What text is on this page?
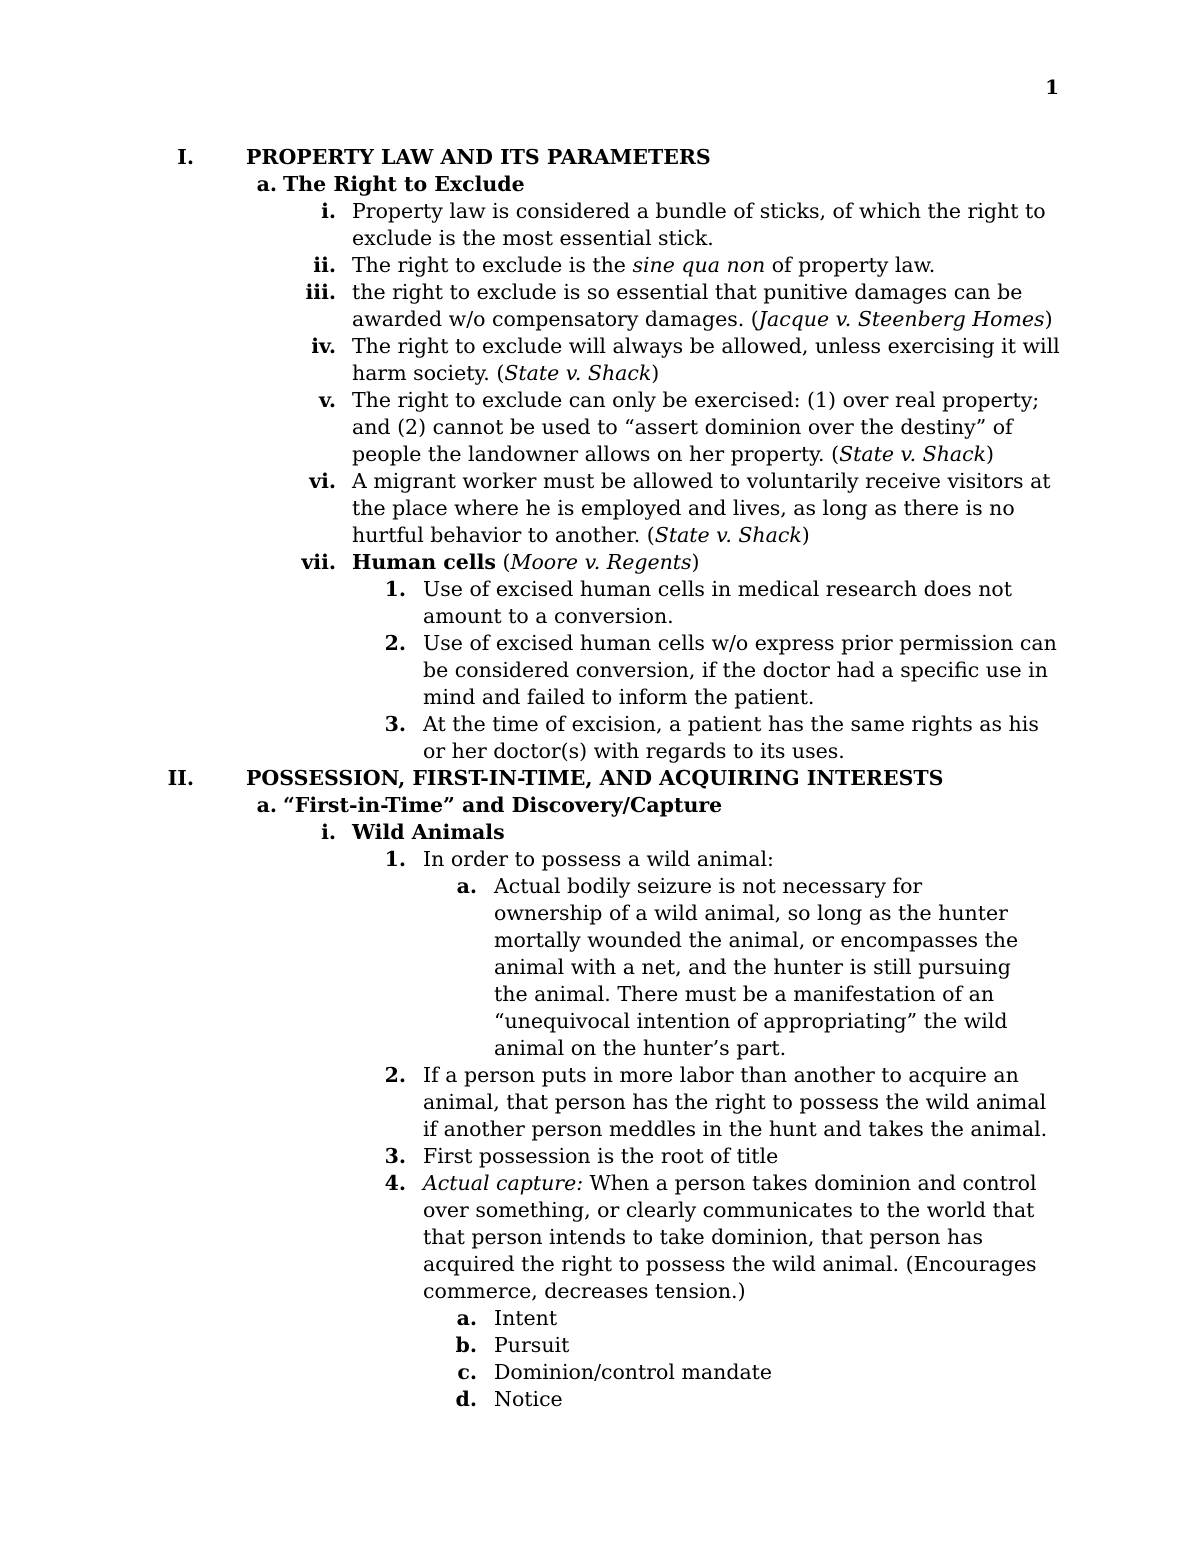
1
I.	PROPERTY LAW AND ITS PARAMETERS
a. The Right to Exclude
i. Property law is considered a bundle of sticks, of which the right to exclude is the most essential stick.
ii. The right to exclude is the sine qua non of property law.
iii. the right to exclude is so essential that punitive damages can be awarded w/o compensatory damages. (Jacque v. Steenberg Homes)
iv. The right to exclude will always be allowed, unless exercising it will harm society. (State v. Shack)
v. The right to exclude can only be exercised: (1) over real property; and (2) cannot be used to “assert dominion over the destiny” of people the landowner allows on her property. (State v. Shack)
vi. A migrant worker must be allowed to voluntarily receive visitors at the place where he is employed and lives, as long as there is no hurtful behavior to another. (State v. Shack)
vii. Human cells (Moore v. Regents)
1. Use of excised human cells in medical research does not amount to a conversion.
2. Use of excised human cells w/o express prior permission can be considered conversion, if the doctor had a specific use in mind and failed to inform the patient.
3. At the time of excision, a patient has the same rights as his or her doctor(s) with regards to its uses.
II.	POSSESSION, FIRST-IN-TIME, AND ACQUIRING INTERESTS
a. “First-in-Time” and Discovery/Capture
i. Wild Animals
1. In order to possess a wild animal:
a. Actual bodily seizure is not necessary for ownership of a wild animal, so long as the hunter mortally wounded the animal, or encompasses the animal with a net, and the hunter is still pursuing the animal. There must be a manifestation of an “unequivocal intention of appropriating” the wild animal on the hunter’s part.
2. If a person puts in more labor than another to acquire an animal, that person has the right to possess the wild animal if another person meddles in the hunt and takes the animal.
3. First possession is the root of title
4. Actual capture: When a person takes dominion and control over something, or clearly communicates to the world that that person intends to take dominion, that person has acquired the right to possess the wild animal. (Encourages commerce, decreases tension.)
a. Intent
b. Pursuit
c. Dominion/control mandate
d. Notice
